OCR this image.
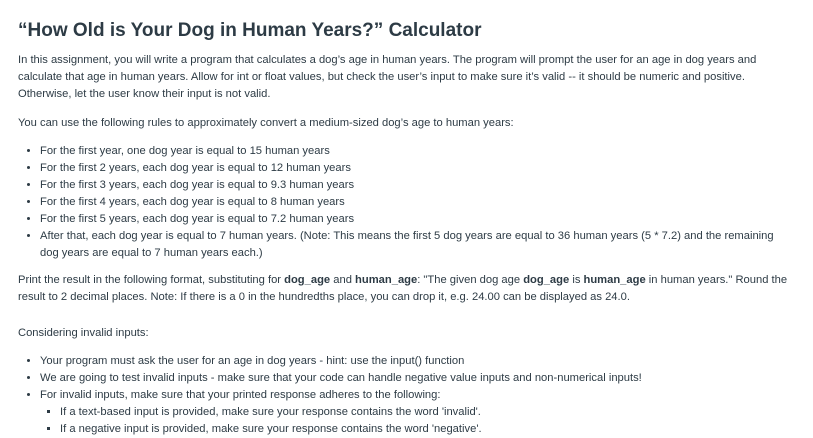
“How Old is Your Dog in Human Years?” Calculator

In this assignment, you will write a program that calculates a dog’s age in human years. The program will prompt the user for an age in dog years and calculate that age in human years. Allow for int or float values, but check the user’s input to make sure it’s valid -- it should be numeric and positive. Otherwise, let the user know their input is not valid.

You can use the following rules to approximately convert a medium-sized dog’s age to human years:

• For the first year, one dog year is equal to 15 human years
• For the first 2 years, each dog year is equal to 12 human years
• For the first 3 years, each dog year is equal to 9.3 human years
• For the first 4 years, each dog year is equal to 8 human years
• For the first 5 years, each dog year is equal to 7.2 human years
• After that, each dog year is equal to 7 human years. (Note: This means the first 5 dog years are equal to 36 human years (5 * 7.2) and the remaining dog years are equal to 7 human years each.)

Print the result in the following format, substituting for dog_age and human_age: "The given dog age dog_age is human_age in human years." Round the result to 2 decimal places. Note: If there is a 0 in the hundredths place, you can drop it, e.g. 24.00 can be displayed as 24.0.

Considering invalid inputs:

• Your program must ask the user for an age in dog years - hint: use the input() function
• We are going to test invalid inputs - make sure that your code can handle negative value inputs and non-numerical inputs!
• For invalid inputs, make sure that your printed response adheres to the following:
▪ If a text-based input is provided, make sure your response contains the word 'invalid'.
▪ If a negative input is provided, make sure your response contains the word 'negative'.
